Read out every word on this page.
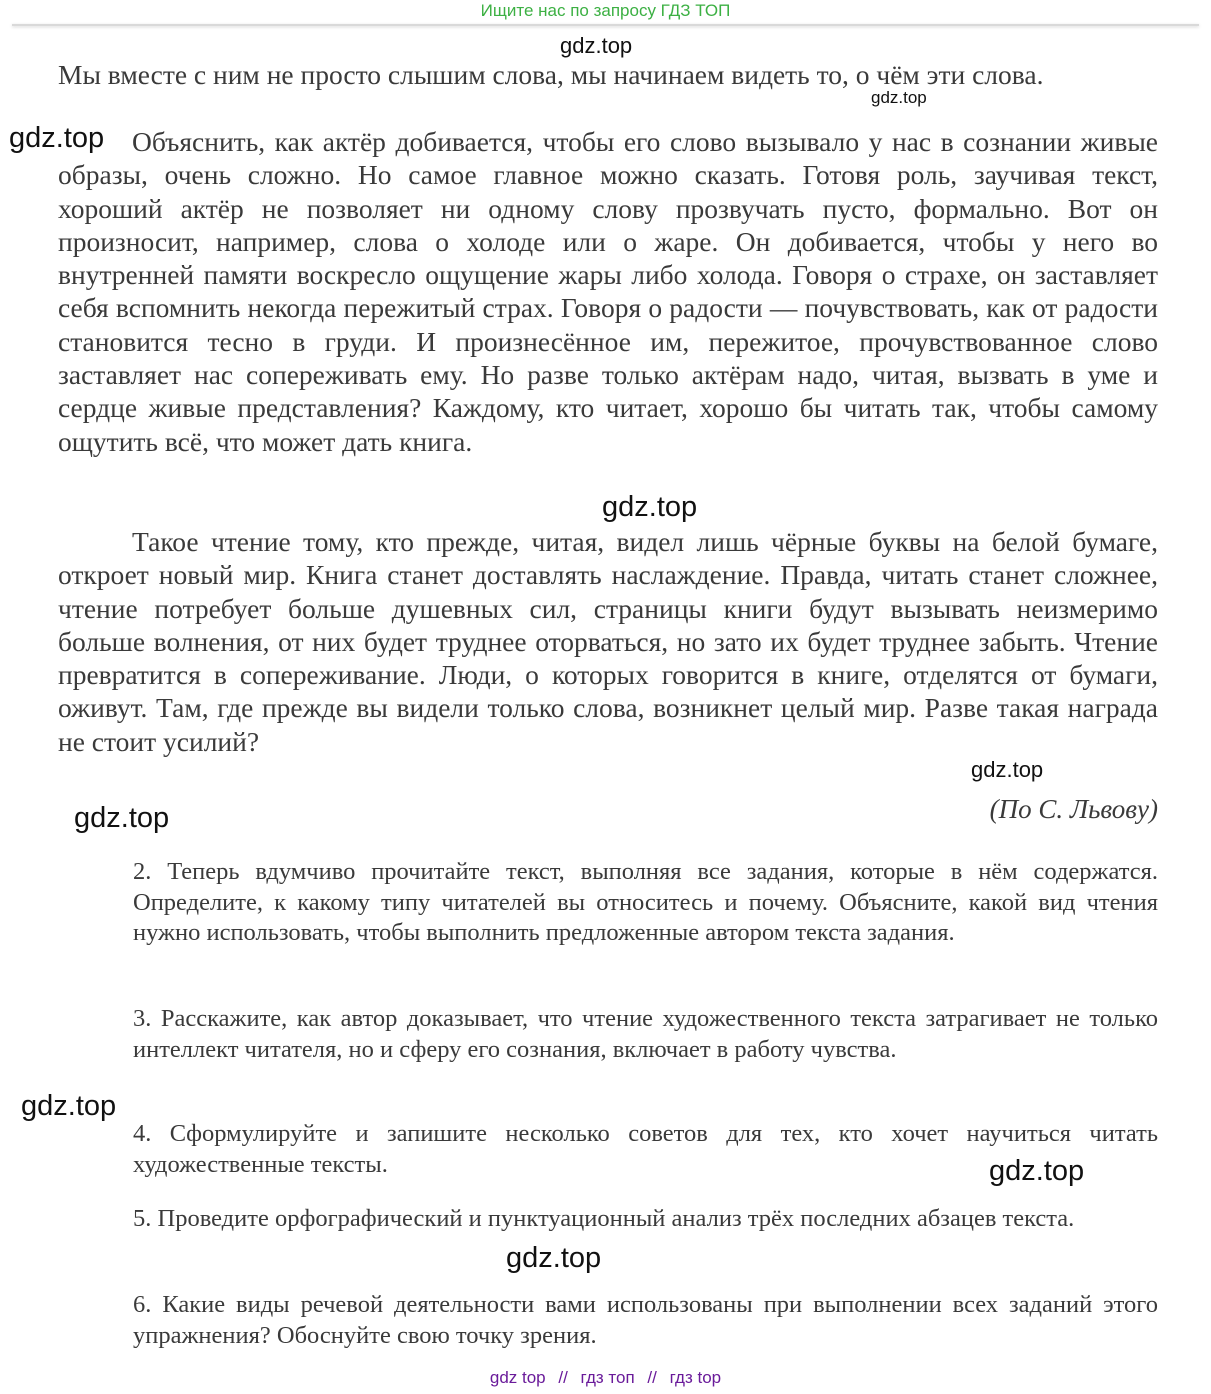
Ищите нас по запросу ГДЗ ТОП
gdz.top
gdz.top
gdz.top
gdz.top
gdz.top
gdz.top
gdz.top
gdz.top
gdz.top

Мы вместе с ним не просто слышим слова, мы начинаем видеть то, о чём эти слова.

Объяснить, как актёр добивается, чтобы его слово вызывало у нас в сознании живые образы, очень сложно. Но самое главное можно сказать. Готовя роль, заучивая текст, хороший актёр не позволяет ни одному слову прозвучать пусто, формально. Вот он произносит, например, слова о холоде или о жаре. Он добивается, чтобы у него во внутренней памяти воскресло ощущение жары либо холода. Говоря о страхе, он заставляет себя вспомнить некогда пережитый страх. Говоря о радости — почувствовать, как от радости становится тесно в груди. И произнесённое им, пережитое, прочувствованное слово заставляет нас сопереживать ему. Но разве только актёрам надо, читая, вызвать в уме и сердце живые представления? Каждому, кто читает, хорошо бы читать так, чтобы самому ощутить всё, что может дать книга.

Такое чтение тому, кто прежде, читая, видел лишь чёрные буквы на белой бумаге, откроет новый мир. Книга станет доставлять наслаждение. Правда, читать станет сложнее, чтение потребует больше душевных сил, страницы книги будут вызывать неизмеримо больше волнения, от них будет труднее оторваться, но зато их будет труднее забыть. Чтение превратится в сопереживание. Люди, о которых говорится в книге, отделятся от бумаги, оживут. Там, где прежде вы видели только слова, возникнет целый мир. Разве такая награда не стоит усилий?

(По С. Львову)

2. Теперь вдумчиво прочитайте текст, выполняя все задания, которые в нём содержатся. Определите, к какому типу читателей вы относитесь и почему. Объясните, какой вид чтения нужно использовать, чтобы выполнить предложенные автором текста задания.

3. Расскажите, как автор доказывает, что чтение художественного текста затрагивает не только интеллект читателя, но и сферу его сознания, включает в работу чувства.

4. Сформулируйте и запишите несколько советов для тех, кто хочет научиться читать художественные тексты.

5. Проведите орфографический и пунктуационный анализ трёх последних абзацев текста.

6. Какие виды речевой деятельности вами использованы при выполнении всех заданий этого упражнения? Обоснуйте свою точку зрения.

gdz top // гдз топ // гдз top
